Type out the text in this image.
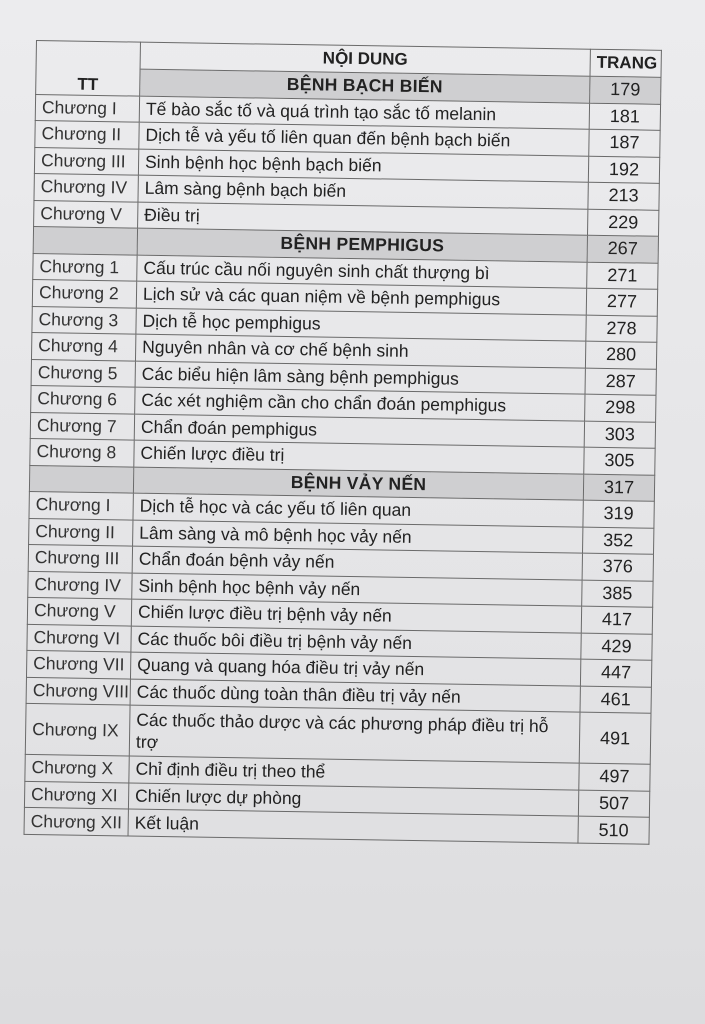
TT	NỘI DUNG	TRANG
	BỆNH BẠCH BIẾN	179
Chương I	Tế bào sắc tố và quá trình tạo sắc tố melanin	181
Chương II	Dịch tễ và yếu tố liên quan đến bệnh bạch biến	187
Chương III	Sinh bệnh học bệnh bạch biến	192
Chương IV	Lâm sàng bệnh bạch biến	213
Chương V	Điều trị	229
	BỆNH PEMPHIGUS	267
Chương 1	Cấu trúc cầu nối nguyên sinh chất thượng bì	271
Chương 2	Lịch sử và các quan niệm về bệnh pemphigus	277
Chương 3	Dịch tễ học pemphigus	278
Chương 4	Nguyên nhân và cơ chế bệnh sinh	280
Chương 5	Các biểu hiện lâm sàng bệnh pemphigus	287
Chương 6	Các xét nghiệm cần cho chẩn đoán pemphigus	298
Chương 7	Chẩn đoán pemphigus	303
Chương 8	Chiến lược điều trị	305
	BỆNH VẢY NẾN	317
Chương I	Dịch tễ học và các yếu tố liên quan	319
Chương II	Lâm sàng và mô bệnh học vảy nến	352
Chương III	Chẩn đoán bệnh vảy nến	376
Chương IV	Sinh bệnh học bệnh vảy nến	385
Chương V	Chiến lược điều trị bệnh vảy nến	417
Chương VI	Các thuốc bôi điều trị bệnh vảy nến	429
Chương VII	Quang và quang hóa điều trị vảy nến	447
Chương VIII	Các thuốc dùng toàn thân điều trị vảy nến	461
Chương IX	Các thuốc thảo dược và các phương pháp điều trị hỗ trợ	491
Chương X	Chỉ định điều trị theo thể	497
Chương XI	Chiến lược dự phòng	507
Chương XII	Kết luận	510
